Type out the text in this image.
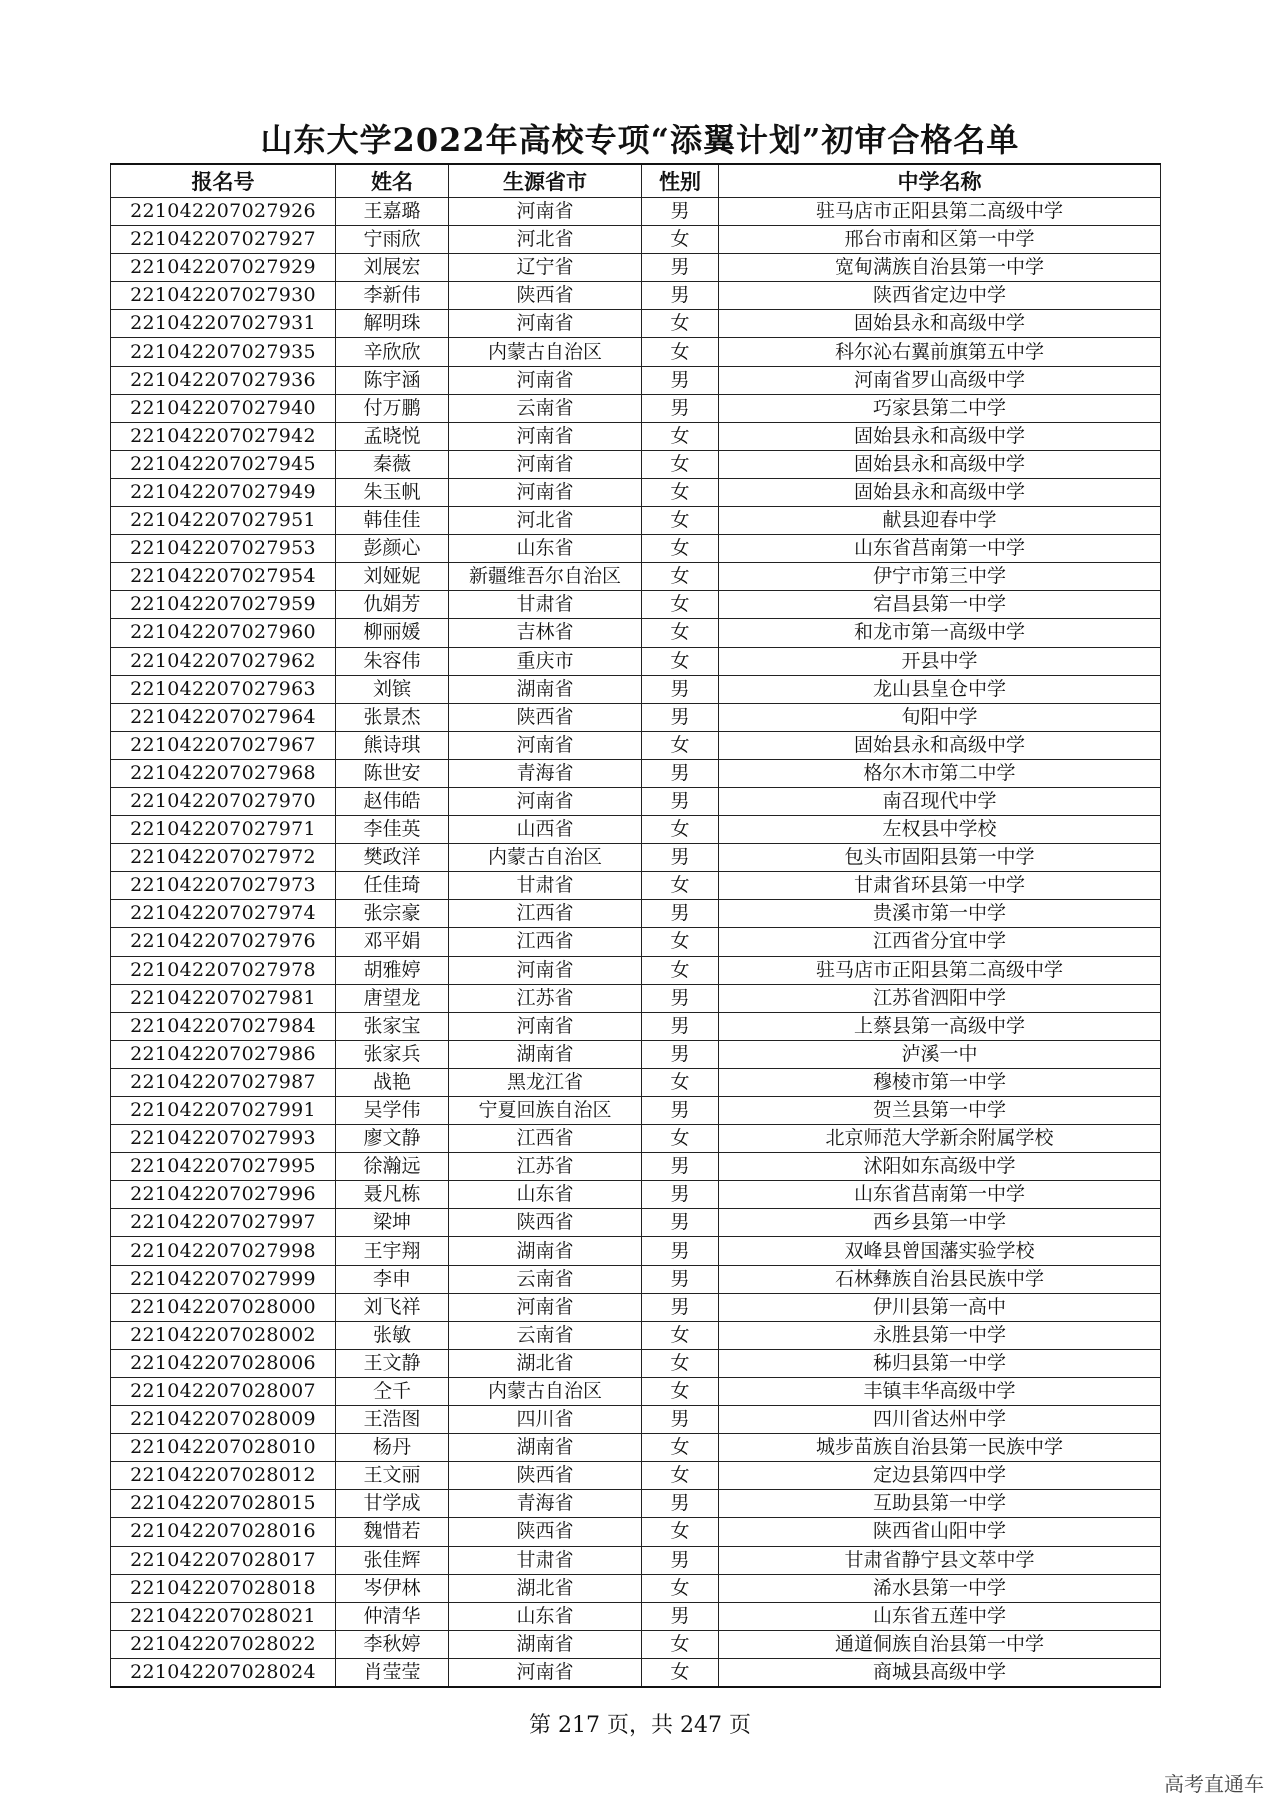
山东大学2022年高校专项“添翼计划”初审合格名单
报名号	姓名	生源省市	性别	中学名称
221042207027926	王嘉璐	河南省	男	驻马店市正阳县第二高级中学
221042207027927	宁雨欣	河北省	女	邢台市南和区第一中学
221042207027929	刘展宏	辽宁省	男	宽甸满族自治县第一中学
221042207027930	李新伟	陕西省	男	陕西省定边中学
221042207027931	解明珠	河南省	女	固始县永和高级中学
221042207027935	辛欣欣	内蒙古自治区	女	科尔沁右翼前旗第五中学
221042207027936	陈宇涵	河南省	男	河南省罗山高级中学
221042207027940	付万鹏	云南省	男	巧家县第二中学
221042207027942	孟晓悦	河南省	女	固始县永和高级中学
221042207027945	秦薇	河南省	女	固始县永和高级中学
221042207027949	朱玉帆	河南省	女	固始县永和高级中学
221042207027951	韩佳佳	河北省	女	献县迎春中学
221042207027953	彭颜心	山东省	女	山东省莒南第一中学
221042207027954	刘娅妮	新疆维吾尔自治区	女	伊宁市第三中学
221042207027959	仇娟芳	甘肃省	女	宕昌县第一中学
221042207027960	柳丽媛	吉林省	女	和龙市第一高级中学
221042207027962	朱容伟	重庆市	女	开县中学
221042207027963	刘镔	湖南省	男	龙山县皇仓中学
221042207027964	张景杰	陕西省	男	旬阳中学
221042207027967	熊诗琪	河南省	女	固始县永和高级中学
221042207027968	陈世安	青海省	男	格尔木市第二中学
221042207027970	赵伟皓	河南省	男	南召现代中学
221042207027971	李佳英	山西省	女	左权县中学校
221042207027972	樊政洋	内蒙古自治区	男	包头市固阳县第一中学
221042207027973	任佳琦	甘肃省	女	甘肃省环县第一中学
221042207027974	张宗豪	江西省	男	贵溪市第一中学
221042207027976	邓平娟	江西省	女	江西省分宜中学
221042207027978	胡雅婷	河南省	女	驻马店市正阳县第二高级中学
221042207027981	唐望龙	江苏省	男	江苏省泗阳中学
221042207027984	张家宝	河南省	男	上蔡县第一高级中学
221042207027986	张家兵	湖南省	男	泸溪一中
221042207027987	战艳	黑龙江省	女	穆棱市第一中学
221042207027991	吴学伟	宁夏回族自治区	男	贺兰县第一中学
221042207027993	廖文静	江西省	女	北京师范大学新余附属学校
221042207027995	徐瀚远	江苏省	男	沭阳如东高级中学
221042207027996	聂凡栋	山东省	男	山东省莒南第一中学
221042207027997	梁坤	陕西省	男	西乡县第一中学
221042207027998	王宇翔	湖南省	男	双峰县曾国藩实验学校
221042207027999	李申	云南省	男	石林彝族自治县民族中学
221042207028000	刘飞祥	河南省	男	伊川县第一高中
221042207028002	张敏	云南省	女	永胜县第一中学
221042207028006	王文静	湖北省	女	秭归县第一中学
221042207028007	仝千	内蒙古自治区	女	丰镇丰华高级中学
221042207028009	王浩图	四川省	男	四川省达州中学
221042207028010	杨丹	湖南省	女	城步苗族自治县第一民族中学
221042207028012	王文丽	陕西省	女	定边县第四中学
221042207028015	甘学成	青海省	男	互助县第一中学
221042207028016	魏惜若	陕西省	女	陕西省山阳中学
221042207028017	张佳辉	甘肃省	男	甘肃省静宁县文萃中学
221042207028018	岑伊林	湖北省	女	浠水县第一中学
221042207028021	仲清华	山东省	男	山东省五莲中学
221042207028022	李秋婷	湖南省	女	通道侗族自治县第一中学
221042207028024	肖莹莹	河南省	女	商城县高级中学
第 217 页，共 247 页
高考直通车
